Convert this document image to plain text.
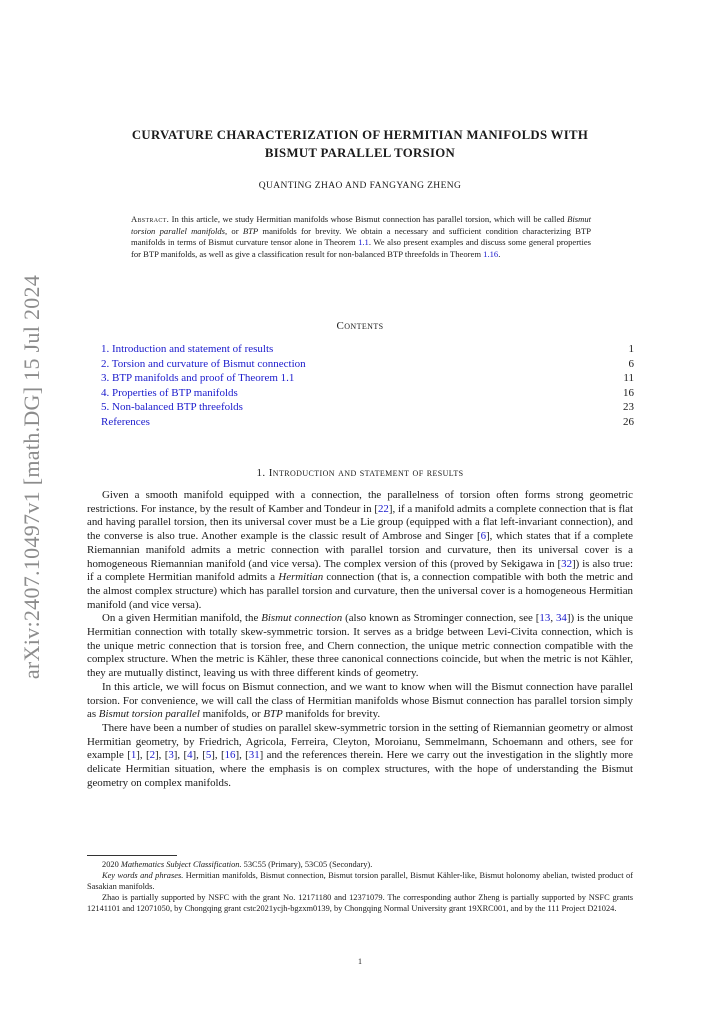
arXiv:2407.10497v1 [math.DG] 15 Jul 2024
CURVATURE CHARACTERIZATION OF HERMITIAN MANIFOLDS WITH
BISMUT PARALLEL TORSION
QUANTING ZHAO AND FANGYANG ZHENG
Abstract. In this article, we study Hermitian manifolds whose Bismut connection has parallel torsion, which will be called Bismut torsion parallel manifolds, or BTP manifolds for brevity. We obtain a necessary and sufficient condition characterizing BTP manifolds in terms of Bismut curvature tensor alone in Theorem 1.1. We also present examples and discuss some general properties for BTP manifolds, as well as give a classification result for non-balanced BTP threefolds in Theorem 1.16.
Contents
1. Introduction and statement of results	1
2. Torsion and curvature of Bismut connection	6
3. BTP manifolds and proof of Theorem 1.1	11
4. Properties of BTP manifolds	16
5. Non-balanced BTP threefolds	23
References	26
1. Introduction and statement of results

Given a smooth manifold equipped with a connection, the parallelness of torsion often forms strong geometric restrictions. For instance, by the result of Kamber and Tondeur in [22], if a manifold admits a complete connection that is flat and having parallel torsion, then its universal cover must be a Lie group (equipped with a flat left-invariant connection), and the converse is also true. Another example is the classic result of Ambrose and Singer [6], which states that if a complete Riemannian manifold admits a metric connection with parallel torsion and curvature, then its universal cover is a homogeneous Riemannian manifold (and vice versa). The complex version of this (proved by Sekigawa in [32]) is also true: if a complete Hermitian manifold admits a Hermitian connection (that is, a connection compatible with both the metric and the almost complex structure) which has parallel torsion and curvature, then the universal cover is a homogeneous Hermitian manifold (and vice versa).

On a given Hermitian manifold, the Bismut connection (also known as Strominger connection, see [13, 34]) is the unique Hermitian connection with totally skew-symmetric torsion. It serves as a bridge between Levi-Civita connection, which is the unique metric connection that is torsion free, and Chern connection, the unique metric connection compatible with the complex structure. When the metric is Kähler, these three canonical connections coincide, but when the metric is not Kähler, they are mutually distinct, leaving us with three different kinds of geometry.

In this article, we will focus on Bismut connection, and we want to know when will the Bismut connection have parallel torsion. For convenience, we will call the class of Hermitian manifolds whose Bismut connection has parallel torsion simply as Bismut torsion parallel manifolds, or BTP manifolds for brevity.

There have been a number of studies on parallel skew-symmetric torsion in the setting of Riemannian geometry or almost Hermitian geometry, by Friedrich, Agricola, Ferreira, Cleyton, Moroianu, Semmelmann, Schoemann and others, see for example [1], [2], [3], [4], [5], [16], [31] and the references therein. Here we carry out the investigation in the slightly more delicate Hermitian situation, where the emphasis is on complex structures, with the hope of understanding the Bismut geometry on complex manifolds.

2020 Mathematics Subject Classification. 53C55 (Primary), 53C05 (Secondary).

Key words and phrases. Hermitian manifolds, Bismut connection, Bismut torsion parallel, Bismut Kähler-like, Bismut holonomy abelian, twisted product of Sasakian manifolds.

Zhao is partially supported by NSFC with the grant No. 12171180 and 12371079. The corresponding author Zheng is partially supported by NSFC grants 12141101 and 12071050, by Chongqing grant cstc2021ycjh-bgzxm0139, by Chongqing Normal University grant 19XRC001, and by the 111 Project D21024.

1
